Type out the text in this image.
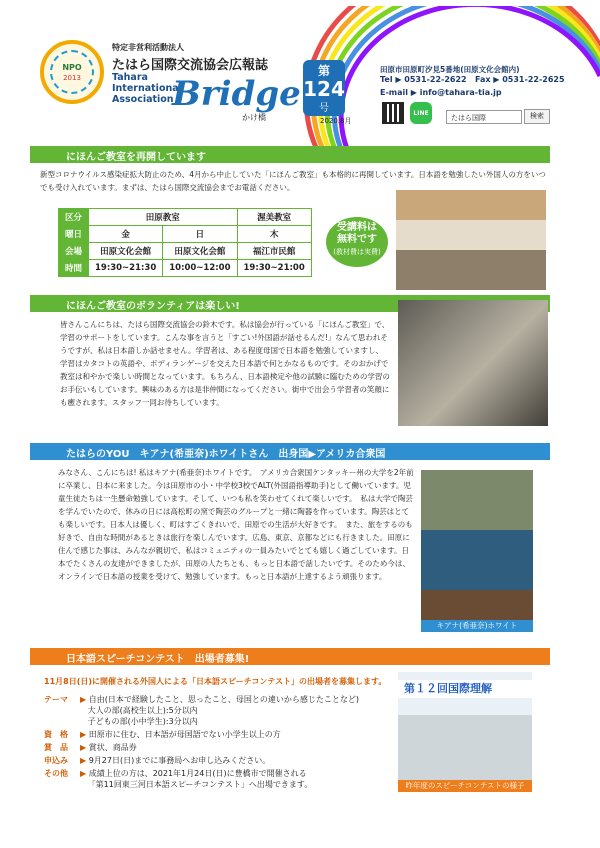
NPO
2013
特定非営利活動法人
たはら国際交流協会広報誌
Tahara
International
Association
Bridge
かけ橋
第
124
号
2020.8月
田原市田原町汐見5番地(田原文化会館内)
Tel ▶ 0531-22-2622 Fax ▶ 0531-22-2625
E-mail ▶ info@tahara-tia.jp
LINE
たはら国際	検索
にほんご教室を再開しています
新型コロナウイルス感染症拡大防止のため、4月から中止していた「にほんご教室」も本格的に再開しています。日本語を勉強したい外国人の方をいつでも受け入れています。まずは、たはら国際交流協会までお電話ください。
区分	田原教室		渥美教室
曜日	金	日	木
会場	田原文化会館	田原文化会館	福江市民館
時間	19:30~21:30	10:00~12:00	19:30~21:00
受講料は
無料です
(教材費は実費)
にほんご教室のボランティアは楽しい!
皆さんこんにちは、たはら国際交流協会の鈴木です。私は協会が行っている「にほんご教室」で、学習のサポートをしています。こんな事を言うと「すごい!外国語が話せるんだ!」なんて思われそうですが、私は日本語しか話せません。学習者は、ある程度母国で日本語を勉強していますし、学習はカタコトの英語や、ボディランゲージを交えた日本語で何とかなるものです。そのおかげで教室は和やかで楽しい時間となっています。もちろん、日本語検定や他の試験に臨むための学習のお手伝いもしています。興味のある方は是非仲間になってください。街中で出会う学習者の笑顔にも癒されます。スタッフ一同お待ちしています。
たはらのYOU　キアナ(希亜奈)ホワイトさん　出身国▶アメリカ合衆国
みなさん、こんにちは! 私はキアナ(希亜奈)ホワイトです。　アメリカ合衆国ケンタッキー州の大学を2年前に卒業し、日本に来ました。今は田原市の小・中学校3校でALT(外国語指導助手)として働いています。児童生徒たちは一生懸命勉強しています。そして、いつも私を笑わせてくれて楽しいです。　私は大学で陶芸を学んでいたので、休みの日には高松町の窯で陶芸のグループと一緒に陶器を作っています。陶芸はとても楽しいです。日本人は優しく、町はすごくきれいで、田原での生活が大好きです。　また、旅をするのも好きで、自由な時間があるときは旅行を楽しんでいます。広島、東京、京都などにも行きました。田原に住んで感じた事は、みんなが親切で、私はコミュニティの一員みたいでとても嬉しく過ごしています。日本でたくさんの友達ができましたが、田原の人たちとも、もっと日本語で話したいです。そのため今は、オンラインで日本語の授業を受けて、勉強しています。もっと日本語が上達するよう頑張ります。
キアナ(希亜奈)ホワイト
日本語スピーチコンテスト　出場者募集!
11月8日(日)に開催される外国人による「日本語スピーチコンテスト」の出場者を募集します。
テーマ ▶ 自由(日本で経験したこと、思ったこと、母国との違いから感じたことなど)
大人の部(高校生以上):5分以内
子どもの部(小中学生):3分以内
資　格 ▶ 田原市に住む、日本語が母国語でない小学生以上の方
賞　品 ▶ 賞状、商品券
申込み ▶ 9月27日(日)までに事務局へお申し込みください。
その他 ▶ 成績上位の方は、2021年1月24日(日)に豊橋市で開催される
「第11回東三河日本語スピーチコンテスト」へ出場できます。
第１２回国際理解
昨年度のスピーチコンテストの様子
